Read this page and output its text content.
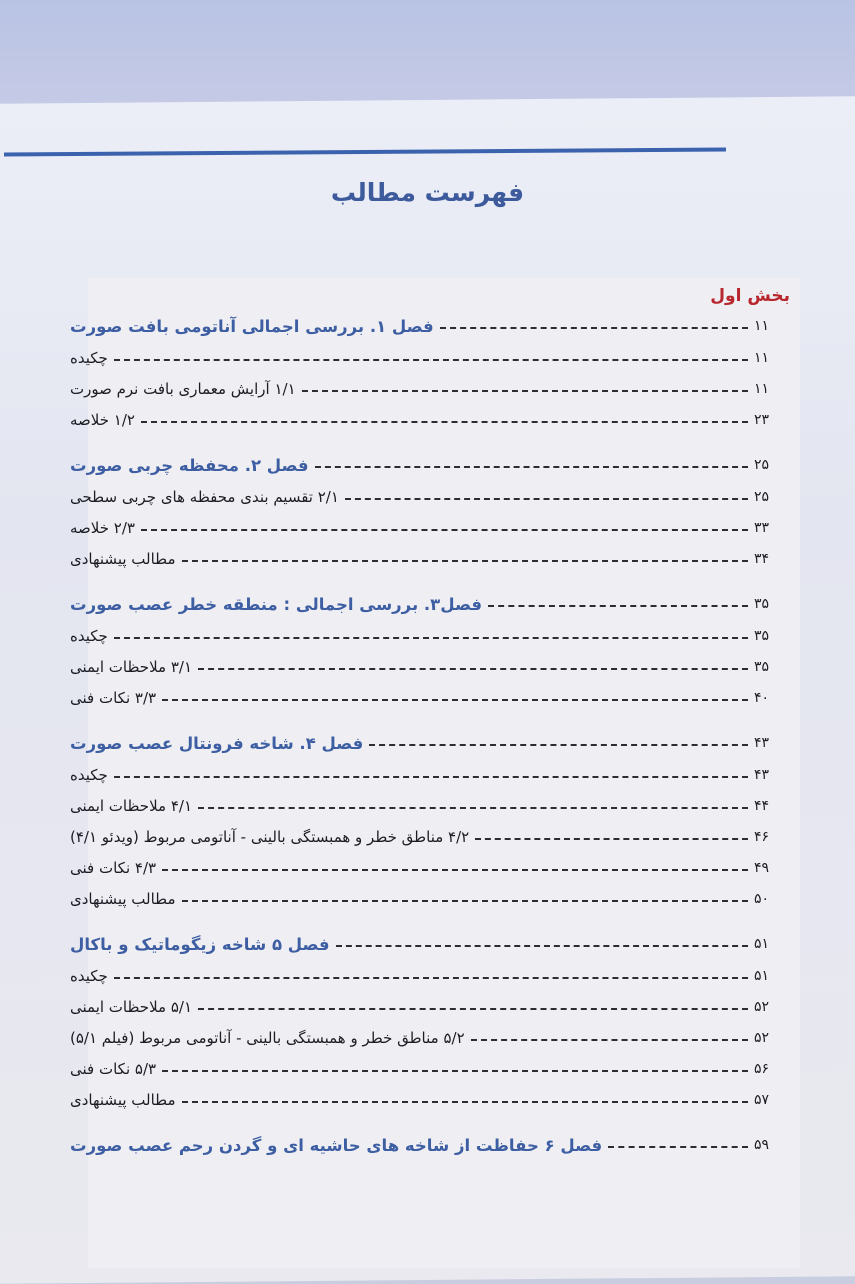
فهرست مطالب
بخش اول
فصل ۱. بررسی اجمالی آناتومی بافت صورت	۱۱
چکیده	۱۱
۱/۱ آرایش معماری بافت نرم صورت	۱۱
۱/۲ خلاصه	۲۳
فصل ۲. محفظه چربی صورت	۲۵
۲/۱ تقسیم بندی محفظه های چربی سطحی	۲۵
۲/۳ خلاصه	۳۳
مطالب پیشنهادی	۳۴
فصل۳. بررسی اجمالی : منطقه خطر عصب صورت	۳۵
چکیده	۳۵
۳/۱ ملاحظات ایمنی	۳۵
۳/۳ نکات فنی	۴۰
فصل ۴. شاخه فرونتال عصب صورت	۴۳
چکیده	۴۳
۴/۱ ملاحظات ایمنی	۴۴
۴/۲ مناطق خطر و همبستگی بالینی - آناتومی مربوط (ویدئو ۴/۱)	۴۶
۴/۳ نکات فنی	۴۹
مطالب پیشنهادی	۵۰
فصل ۵ شاخه زیگوماتیک و باکال	۵۱
چکیده	۵۱
۵/۱ ملاحظات ایمنی	۵۲
۵/۲ مناطق خطر و همبستگی بالینی - آناتومی مربوط (فیلم ۵/۱)	۵۲
۵/۳ نکات فنی	۵۶
مطالب پیشنهادی	۵۷
فصل ۶ حفاظت از شاخه های حاشیه ای و گردن رحم عصب صورت	۵۹
